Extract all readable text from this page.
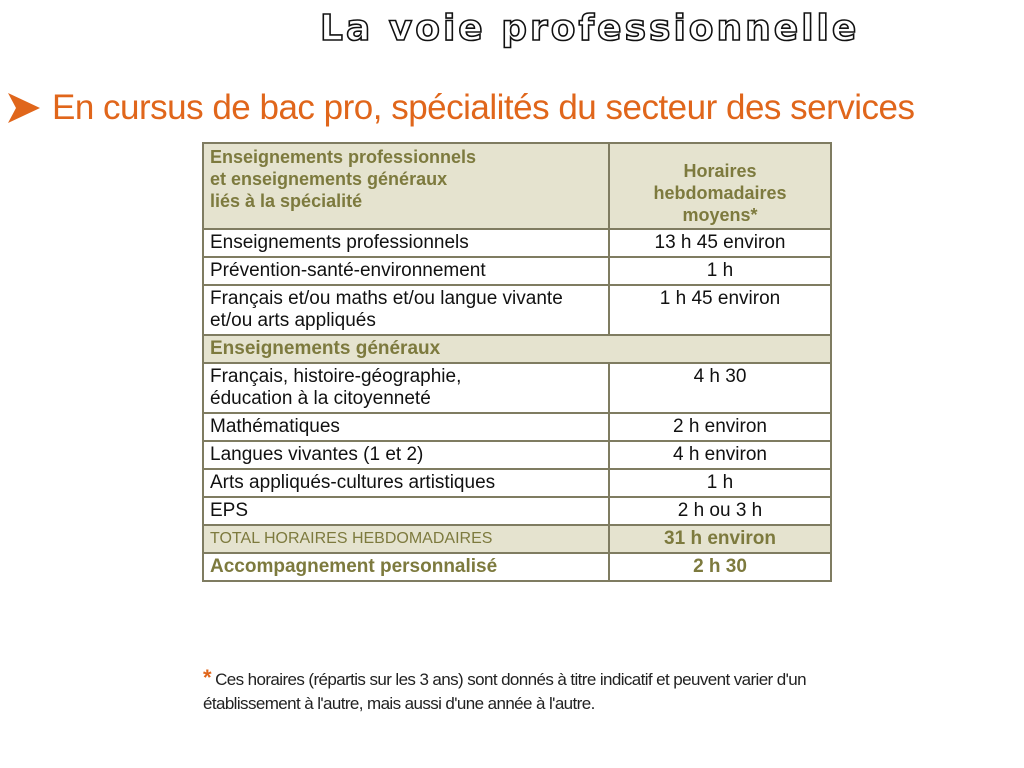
La voie professionnelle
En cursus de bac pro, spécialités du secteur des services
Enseignements professionnels
et enseignements généraux
liés à la spécialité	Horaires hebdomadaires
moyens*

Enseignements professionnels	13 h 45 environ

Prévention-santé-environnement	1 h

Français et/ou maths et/ou langue vivante
et/ou arts appliqués	1 h 45 environ
Enseignements généraux	

Français, histoire-géographie,
éducation à la citoyenneté	4 h 30

Mathématiques	2 h environ

Langues vivantes (1 et 2)	4 h environ

Arts appliqués-cultures artistiques	1 h

EPS	2 h ou 3 h
TOTAL HORAIRES HEBDOMADAIRES	31 h environ
Accompagnement personnalisé	2 h 30
* Ces horaires (répartis sur les 3 ans) sont donnés à titre indicatif et peuvent varier d'un
établissement à l'autre, mais aussi d'une année à l'autre.
